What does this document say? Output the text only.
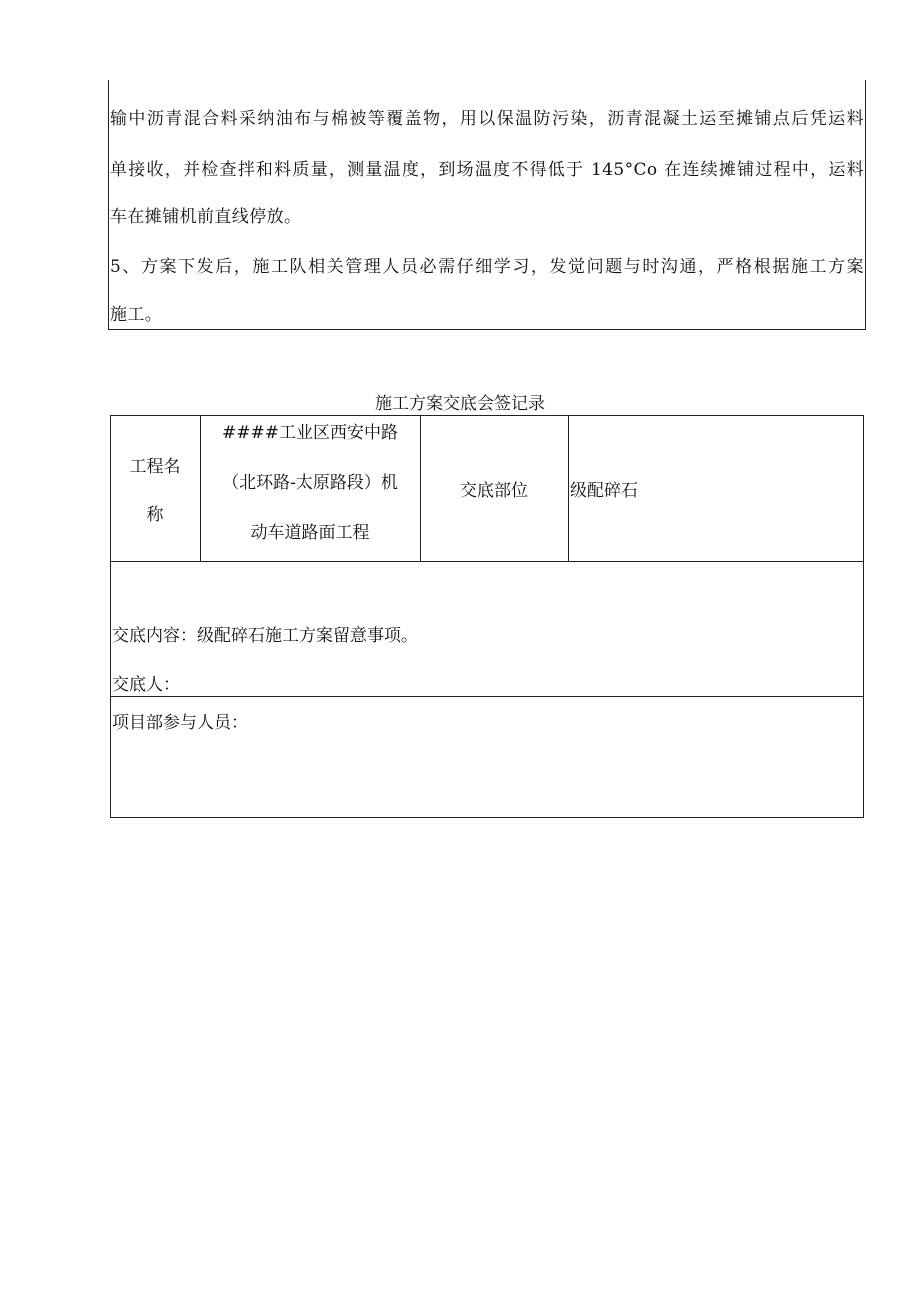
输中沥青混合料采纳油布与棉被等覆盖物，用以保温防污染，沥青混凝土运至摊铺点后凭运料
单接收，并检查拌和料质量，测量温度，到场温度不得低于 145°Co 在连续摊铺过程中，运料
车在摊铺机前直线停放。
5、方案下发后，施工队相关管理人员必需仔细学习，发觉问题与时沟通，严格根据施工方案
施工。
施工方案交底会签记录
工程名
称
####工业区西安中路
（北环路-太原路段）机
动车道路面工程
交底部位	级配碎石
交底内容：级配碎石施工方案留意事项。
交底人：
项目部参与人员：
